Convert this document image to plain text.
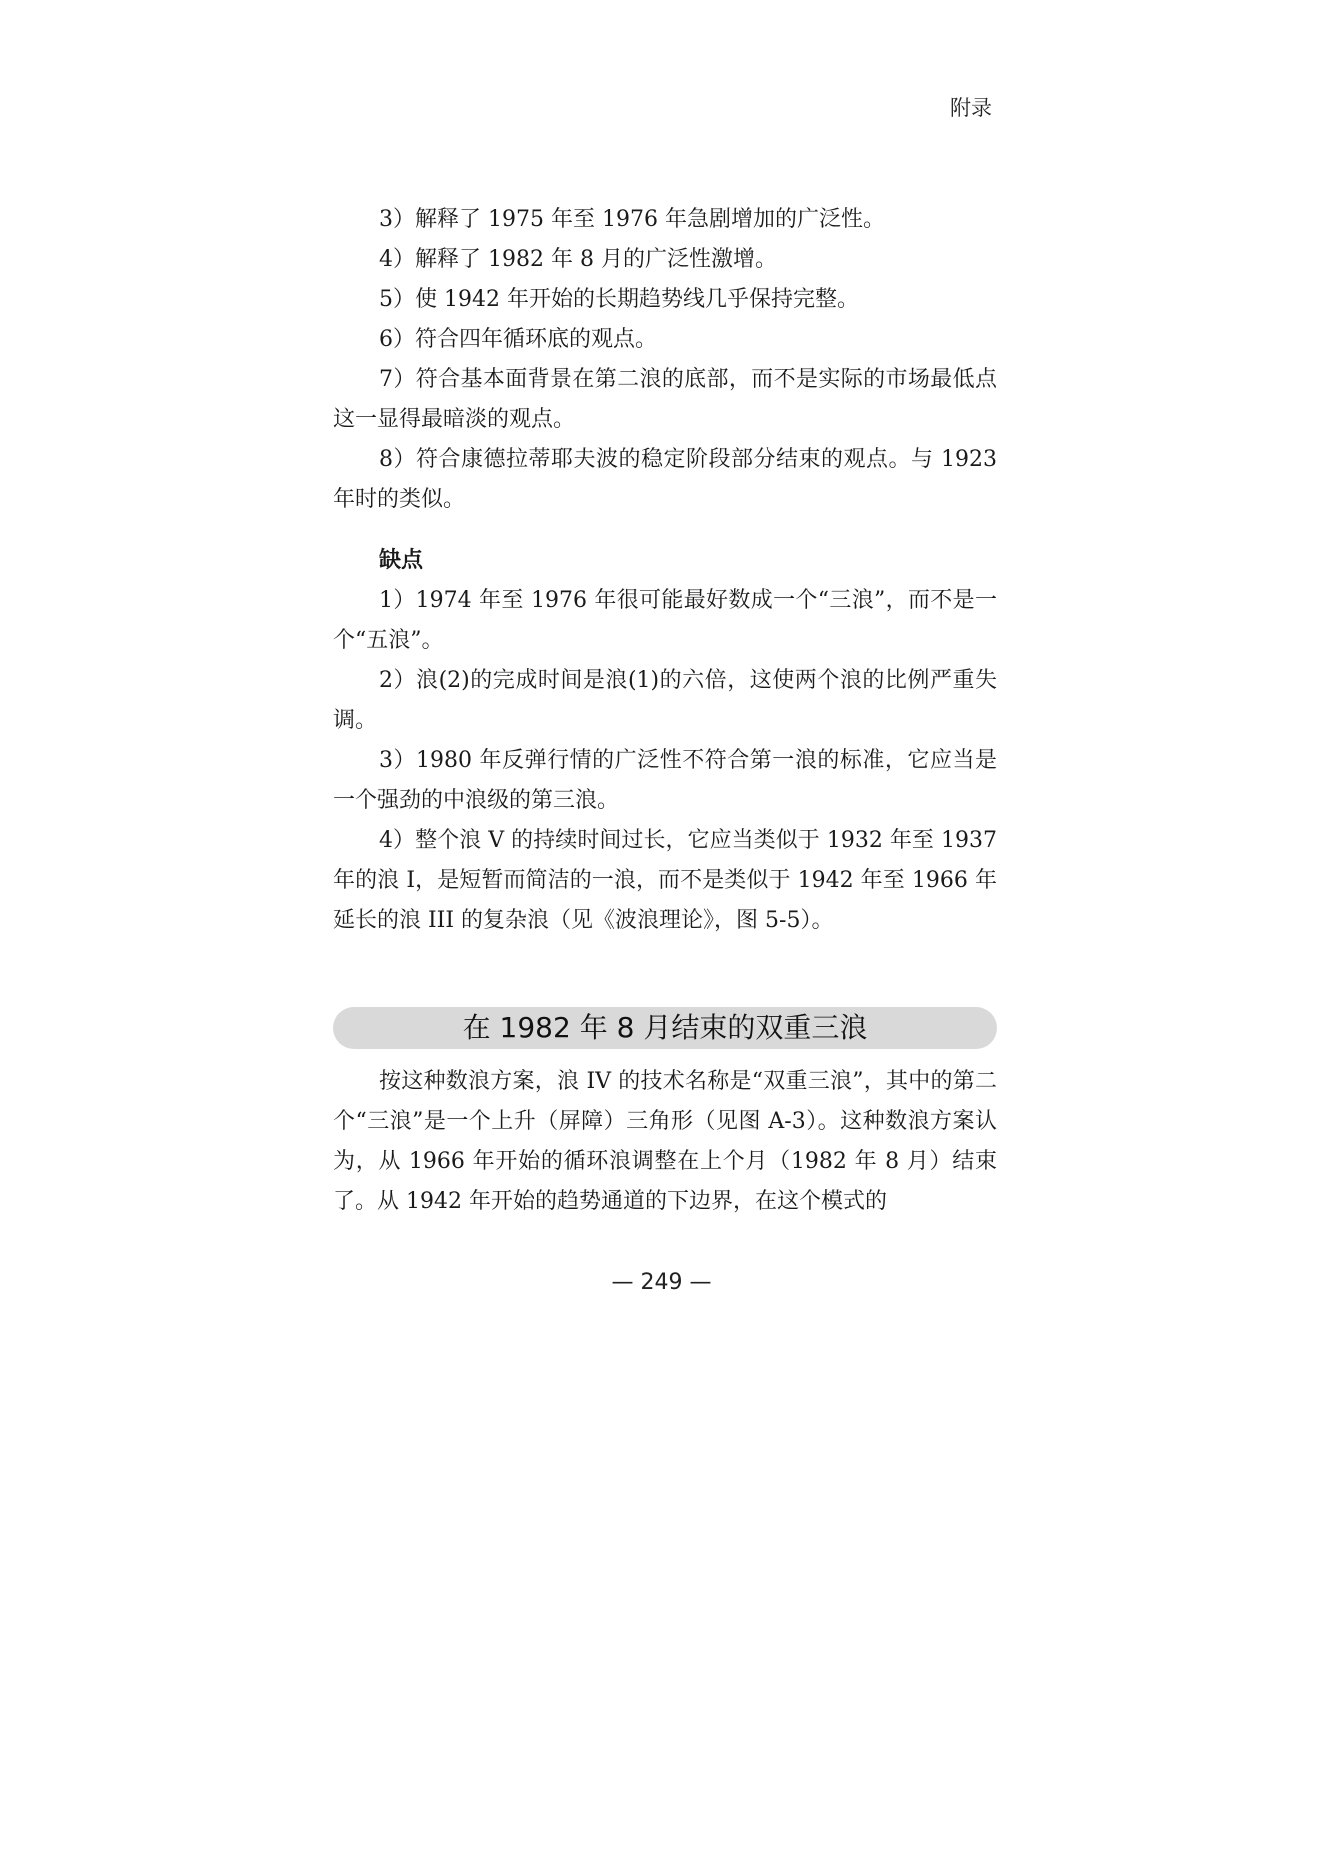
附录

3）解释了 1975 年至 1976 年急剧增加的广泛性。

4）解释了 1982 年 8 月的广泛性激增。

5）使 1942 年开始的长期趋势线几乎保持完整。

6）符合四年循环底的观点。

7）符合基本面背景在第二浪的底部，而不是实际的市场最低点这一显得最暗淡的观点。

8）符合康德拉蒂耶夫波的稳定阶段部分结束的观点。与 1923 年时的类似。

缺点

1）1974 年至 1976 年很可能最好数成一个“三浪”，而不是一个“五浪”。

2）浪(2)的完成时间是浪(1)的六倍，这使两个浪的比例严重失调。

3）1980 年反弹行情的广泛性不符合第一浪的标准，它应当是一个强劲的中浪级的第三浪。

4）整个浪 V 的持续时间过长，它应当类似于 1932 年至 1937 年的浪 I，是短暂而简洁的一浪，而不是类似于 1942 年至 1966 年延长的浪 III 的复杂浪（见《波浪理论》，图 5-5）。

在 1982 年 8 月结束的双重三浪

按这种数浪方案，浪 IV 的技术名称是“双重三浪”，其中的第二个“三浪”是一个上升（屏障）三角形（见图 A-3）。这种数浪方案认为，从 1966 年开始的循环浪调整在上个月（1982 年 8 月）结束了。从 1942 年开始的趋势通道的下边界，在这个模式的

— 249 —
